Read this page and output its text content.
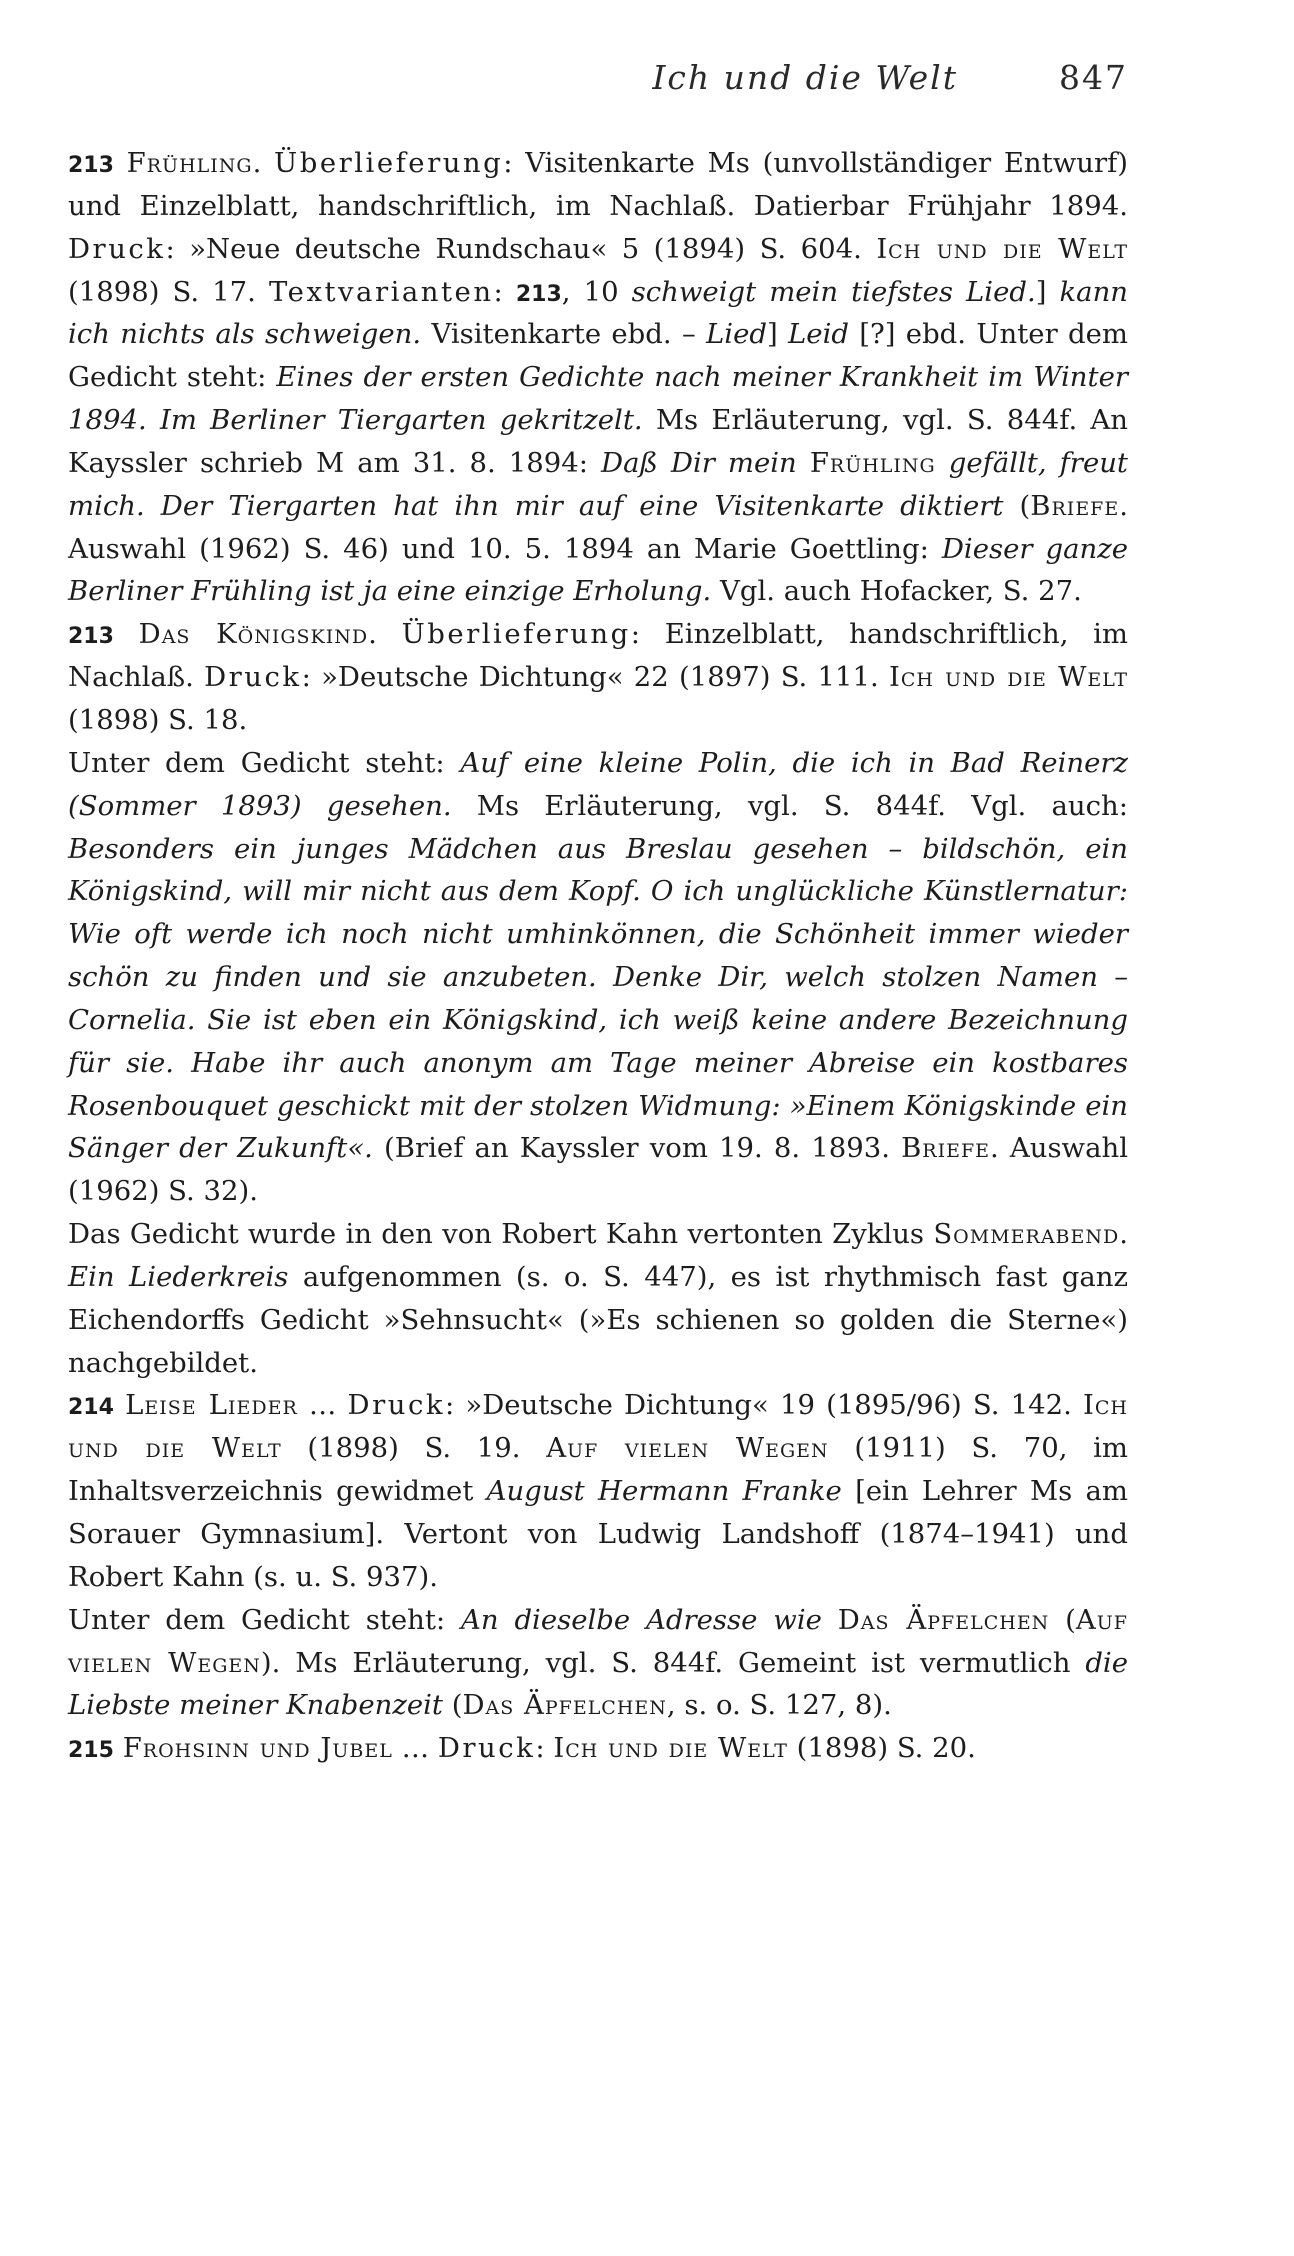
Ich und die Welt	847

213 Frühling. Überlieferung: Visitenkarte Ms (unvollständiger Entwurf) und Einzelblatt, handschriftlich, im Nachlaß. Datierbar Frühjahr 1894. Druck: »Neue deutsche Rundschau« 5 (1894) S. 604. Ich und die Welt (1898) S. 17. Textvarianten: 213, 10 schweigt mein tiefstes Lied.] kann ich nichts als schweigen. Visitenkarte ebd. – Lied] Leid [?] ebd. Unter dem Gedicht steht: Eines der ersten Gedichte nach meiner Krankheit im Winter 1894. Im Berliner Tiergarten gekritzelt. Ms Erläuterung, vgl. S. 844f. An Kayssler schrieb M am 31. 8. 1894: Daß Dir mein Frühling gefällt, freut mich. Der Tiergarten hat ihn mir auf eine Visitenkarte diktiert (Briefe. Auswahl (1962) S. 46) und 10. 5. 1894 an Marie Goettling: Dieser ganze Berliner Frühling ist ja eine einzige Erholung. Vgl. auch Hofacker, S. 27.

213 Das Königskind. Überlieferung: Einzelblatt, handschriftlich, im Nachlaß. Druck: »Deutsche Dichtung« 22 (1897) S. 111. Ich und die Welt (1898) S. 18.

Unter dem Gedicht steht: Auf eine kleine Polin, die ich in Bad Reinerz (Sommer 1893) gesehen. Ms Erläuterung, vgl. S. 844f. Vgl. auch: Besonders ein junges Mädchen aus Breslau gesehen – bildschön, ein Königskind, will mir nicht aus dem Kopf. O ich unglückliche Künstlernatur: Wie oft werde ich noch nicht umhinkönnen, die Schönheit immer wieder schön zu finden und sie anzubeten. Denke Dir, welch stolzen Namen – Cornelia. Sie ist eben ein Königskind, ich weiß keine andere Bezeichnung für sie. Habe ihr auch anonym am Tage meiner Abreise ein kostbares Rosenbouquet geschickt mit der stolzen Widmung: »Einem Königskinde ein Sänger der Zukunft«. (Brief an Kayssler vom 19. 8. 1893. Briefe. Auswahl (1962) S. 32).

Das Gedicht wurde in den von Robert Kahn vertonten Zyklus Sommerabend. Ein Liederkreis aufgenommen (s. o. S. 447), es ist rhythmisch fast ganz Eichendorffs Gedicht »Sehnsucht« (»Es schienen so golden die Sterne«) nachgebildet.

214 Leise Lieder … Druck: »Deutsche Dichtung« 19 (1895/96) S. 142. Ich und die Welt (1898) S. 19. Auf vielen Wegen (1911) S. 70, im Inhaltsverzeichnis gewidmet August Hermann Franke [ein Lehrer Ms am Sorauer Gymnasium]. Vertont von Ludwig Landshoff (1874–1941) und Robert Kahn (s. u. S. 937).

Unter dem Gedicht steht: An dieselbe Adresse wie Das Äpfelchen (Auf vielen Wegen). Ms Erläuterung, vgl. S. 844f. Gemeint ist vermutlich die Liebste meiner Knabenzeit (Das Äpfelchen, s. o. S. 127, 8).

215 Frohsinn und Jubel … Druck: Ich und die Welt (1898) S. 20.
